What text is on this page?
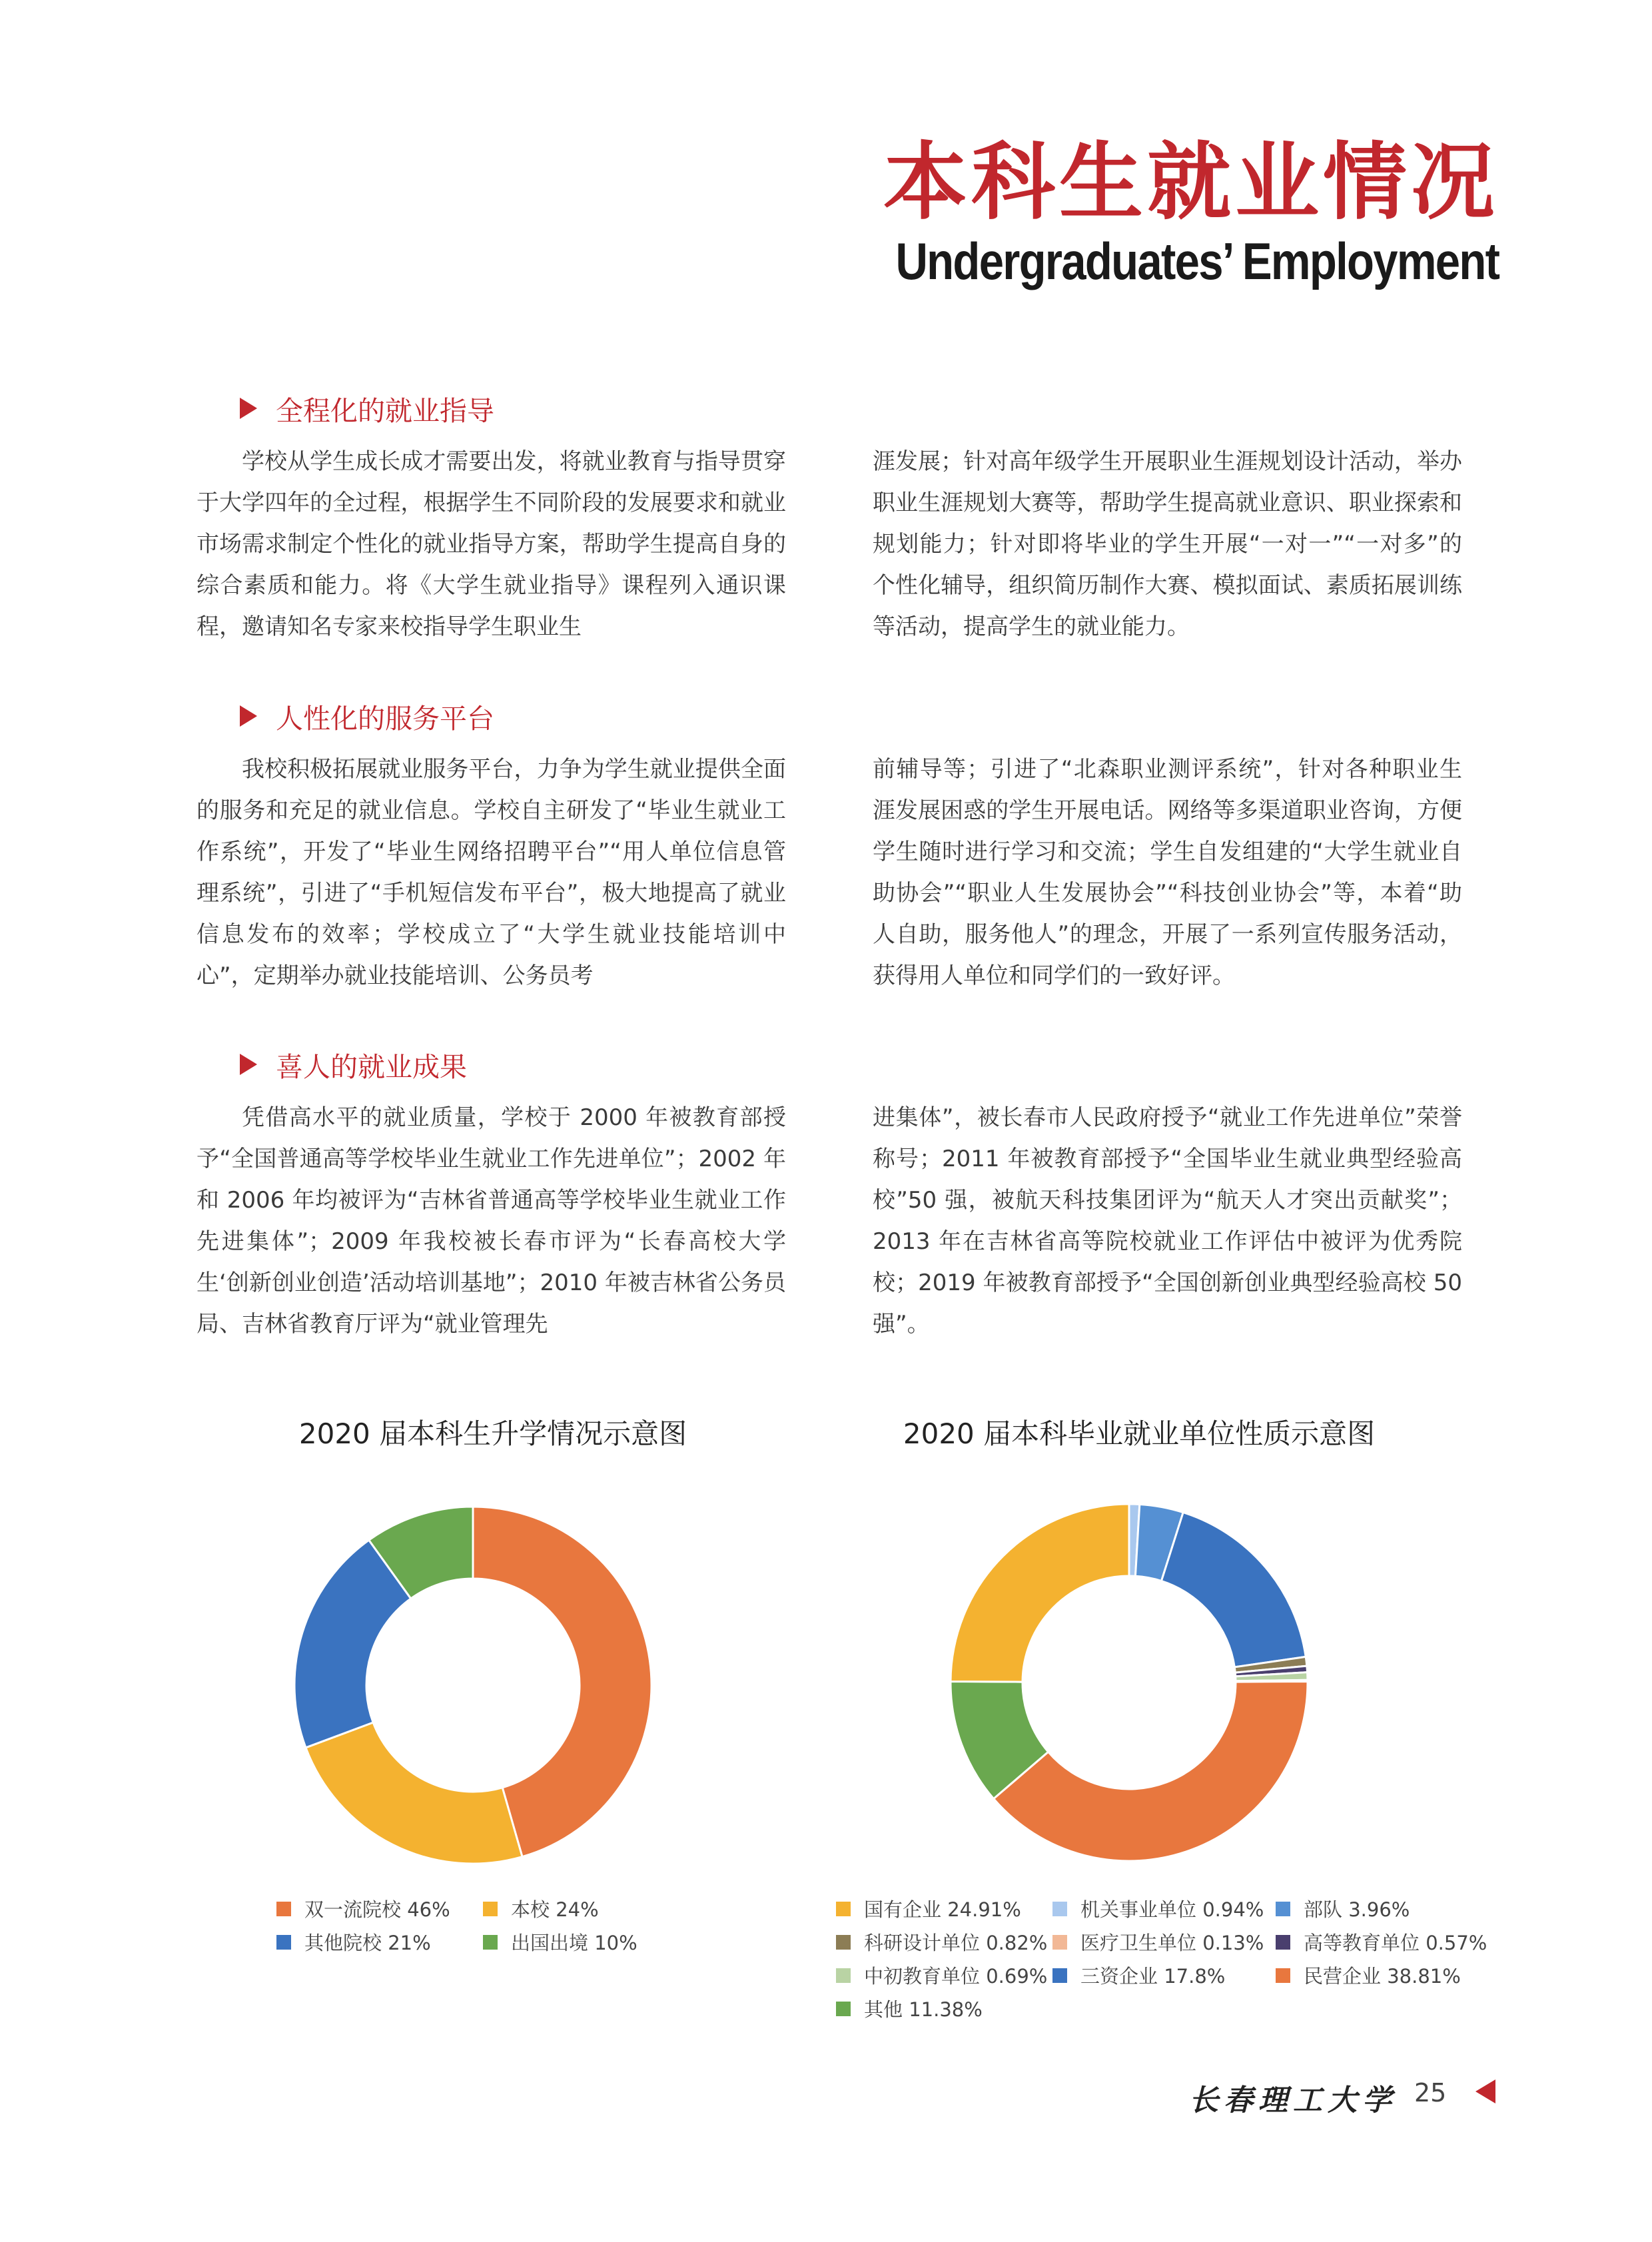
本科生就业情况
Undergraduates’ Employment
全程化的就业指导

学校从学生成长成才需要出发，将就业教育与指导贯穿于大学四年的全过程，根据学生不同阶段的发展要求和就业市场需求制定个性化的就业指导方案，帮助学生提高自身的综合素质和能力。将《大学生就业指导》课程列入通识课程，邀请知名专家来校指导学生职业生

涯发展；针对高年级学生开展职业生涯规划设计活动，举办职业生涯规划大赛等，帮助学生提高就业意识、职业探索和规划能力；针对即将毕业的学生开展“一对一”“一对多”的个性化辅导，组织简历制作大赛、模拟面试、素质拓展训练等活动，提高学生的就业能力。

人性化的服务平台

我校积极拓展就业服务平台，力争为学生就业提供全面的服务和充足的就业信息。学校自主研发了“毕业生就业工作系统”，开发了“毕业生网络招聘平台”“用人单位信息管理系统”，引进了“手机短信发布平台”，极大地提高了就业信息发布的效率；学校成立了“大学生就业技能培训中心”，定期举办就业技能培训、公务员考

前辅导等；引进了“北森职业测评系统”，针对各种职业生涯发展困惑的学生开展电话。网络等多渠道职业咨询，方便学生随时进行学习和交流；学生自发组建的“大学生就业自助协会”“职业人生发展协会”“科技创业协会”等，本着“助人自助，服务他人”的理念，开展了一系列宣传服务活动，获得用人单位和同学们的一致好评。

喜人的就业成果

凭借高水平的就业质量，学校于 2000 年被教育部授予“全国普通高等学校毕业生就业工作先进单位”；2002 年和 2006 年均被评为“吉林省普通高等学校毕业生就业工作先进集体”；2009 年我校被长春市评为“长春高校大学生‘创新创业创造’活动培训基地”；2010 年被吉林省公务员局、吉林省教育厅评为“就业管理先

进集体”，被长春市人民政府授予“就业工作先进单位”荣誉称号；2011 年被教育部授予“全国毕业生就业典型经验高校”50 强，被航天科技集团评为“航天人才突出贡献奖”；2013 年在吉林省高等院校就业工作评估中被评为优秀院校；2019 年被教育部授予“全国创新创业典型经验高校 50 强”。

2020 届本科生升学情况示意图
双一流院校 46%	本校 24%
其他院校 21%	出国出境 10%
2020 届本科毕业就业单位性质示意图
国有企业 24.91%	机关事业单位 0.94% 部队 3.96%
科研设计单位 0.82% 医疗卫生单位 0.13% 高等教育单位 0.57%
中初教育单位 0.69% 三资企业 17.8%	民营企业 38.81%
其他 11.38%
长春理工大学 25
